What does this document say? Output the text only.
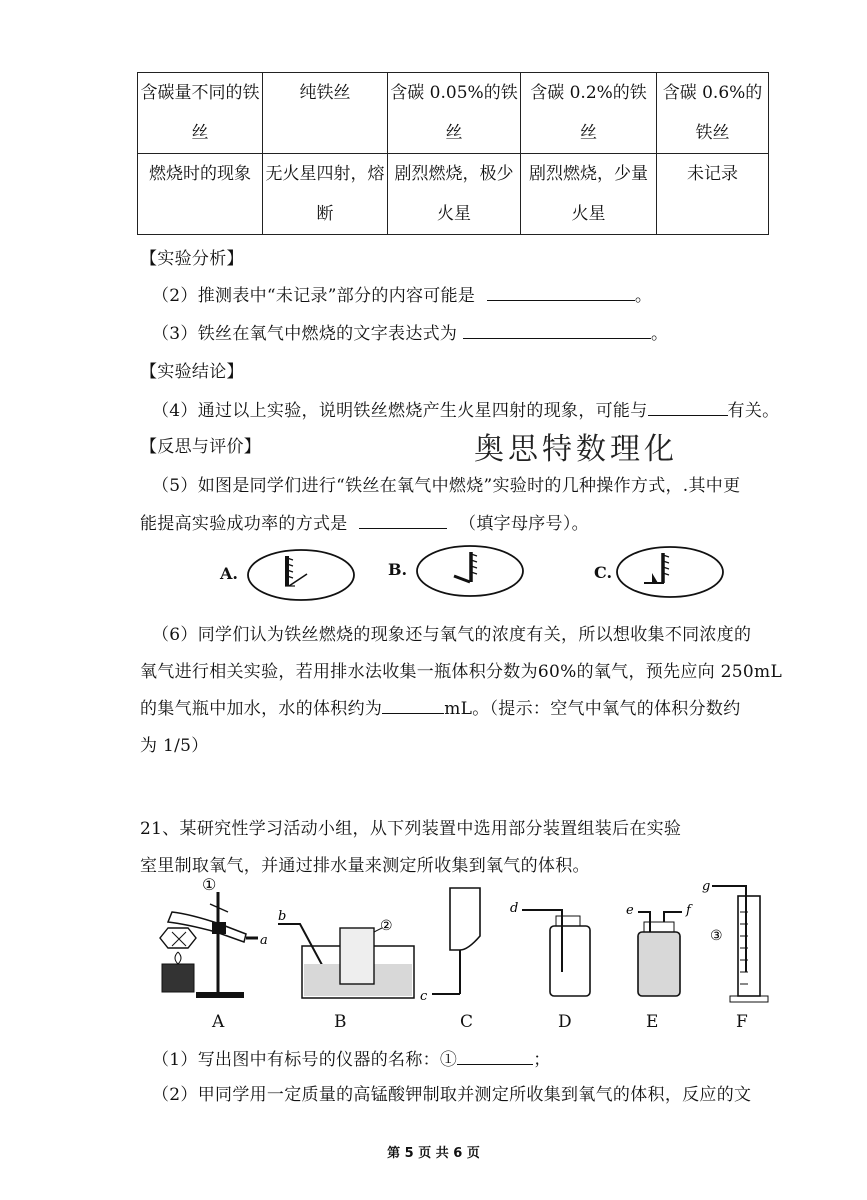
含碳量不同的铁丝	纯铁丝	含碳 0.05%的铁丝	含碳 0.2%的铁丝	含碳 0.6%的铁丝
燃烧时的现象	无火星四射，熔断	剧烈燃烧，极少火星	剧烈燃烧，少量火星	未记录
【实验分析】
（2）推测表中“未记录”部分的内容可能是	。
（3）铁丝在氧气中燃烧的文字表达式为	。
【实验结论】
（4）通过以上实验，说明铁丝燃烧产生火星四射的现象，可能与	有关。
【反思与评价】	奥思特数理化
（5）如图是同学们进行“铁丝在氧气中燃烧”实验时的几种操作方式，.其中更
能提高实验成功率的方式是	（填字母序号）。
A.	B.	C.
（6）同学们认为铁丝燃烧的现象还与氧气的浓度有关，所以想收集不同浓度的
氧气进行相关实验，若用排水法收集一瓶体积分数为60%的氧气，预先应向 250mL
的集气瓶中加水，水的体积约为	mL。（提示：空气中氧气的体积分数约
为 1/5）
21、某研究性学习活动小组，从下列装置中选用部分装置组装后在实验
室里制取氧气，并通过排水量来测定所收集到氧气的体积。
①
a
b
②
c
d	e	f
g
③
A	B	C	D	E	F
（1）写出图中有标号的仪器的名称：①	；
（2）甲同学用一定质量的高锰酸钾制取并测定所收集到氧气的体积，反应的文
第 5 页 共 6 页
